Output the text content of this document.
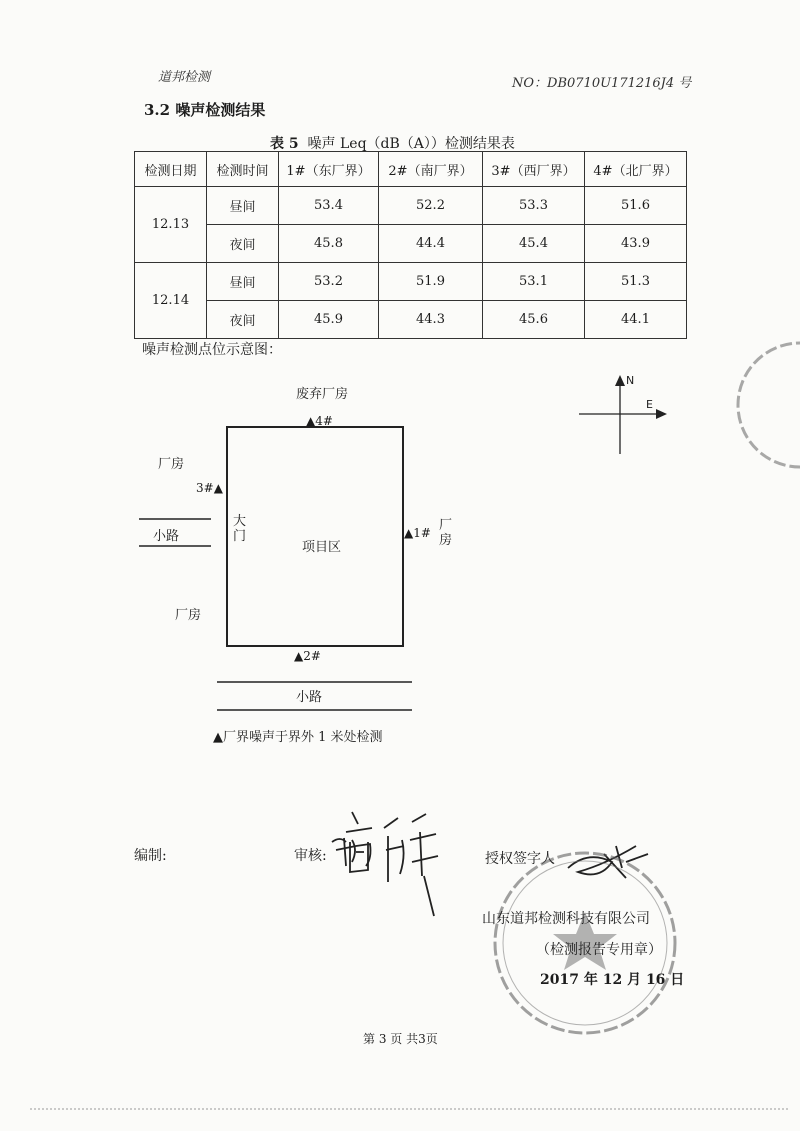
道邦检测	NO：DB0710U171216J4 号
3.2 噪声检测结果
表 5 噪声 Leq（dB（A））检测结果表
检测日期	检测时间	1#（东厂界）	2#（南厂界）	3#（西厂界）	4#（北厂界）
12.13	昼间	53.4	52.2	53.3	51.6
	夜间	45.8	44.4	45.4	43.9
12.14	昼间	53.2	51.9	53.1	51.3
	夜间	45.9	44.3	45.6	44.1
噪声检测点位示意图：
废弃厂房
▲4#
厂房
3#▲
小路
大门
项目区
▲1# 厂房
厂房
▲2#
小路
N
E
▲厂界噪声于界外 1 米处检测
编制:	审核:	授权签字人
山东道邦检测科技有限公司
（检测报告专用章）
2017 年 12 月 16 日
第 3 页 共3页
